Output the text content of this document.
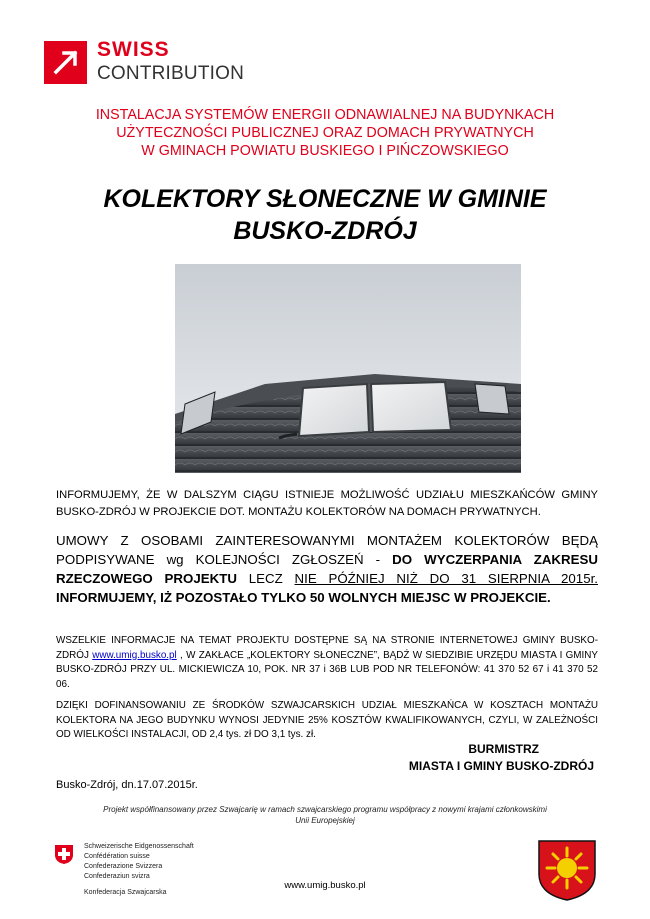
SWISS
CONTRIBUTION
INSTALACJA SYSTEMÓW ENERGII ODNAWIALNEJ NA BUDYNKACH
UŻYTECZNOŚCI PUBLICZNEJ ORAZ DOMACH PRYWATNYCH
W GMINACH POWIATU BUSKIEGO I PIŃCZOWSKIEGO
KOLEKTORY SŁONECZNE W GMINIE
BUSKO-ZDRÓJ
INFORMUJEMY, ŻE W DALSZYM CIĄGU ISTNIEJE MOŻLIWOŚĆ UDZIAŁU MIESZKAŃCÓW GMINY BUSKO-ZDRÓJ W PROJEKCIE DOT. MONTAŻU KOLEKTORÓW NA DOMACH PRYWATNYCH.
UMOWY Z OSOBAMI ZAINTERESOWANYMI MONTAŻEM KOLEKTORÓW BĘDĄ PODPISYWANE wg KOLEJNOŚCI ZGŁOSZEŃ - DO WYCZERPANIA ZAKRESU RZECZOWEGO PROJEKTU LECZ NIE PÓŹNIEJ NIŻ DO 31 SIERPNIA 2015r. INFORMUJEMY, IŻ POZOSTAŁO TYLKO 50 WOLNYCH MIEJSC W PROJEKCIE.
WSZELKIE INFORMACJE NA TEMAT PROJEKTU DOSTĘPNE SĄ NA STRONIE INTERNETOWEJ GMINY BUSKO-ZDRÓJ www.umig.busko.pl , W ZAKŁACE „KOLEKTORY SŁONECZNE”, BĄDŹ W SIEDZIBIE URZĘDU MIASTA I GMINY BUSKO-ZDRÓJ PRZY UL. MICKIEWICZA 10, POK. NR 37 i 36B LUB POD NR TELEFONÓW: 41 370 52 67 i 41 370 52 06.
DZIĘKI DOFINANSOWANIU ZE ŚRODKÓW SZWAJCARSKICH UDZIAŁ MIESZKAŃCA W KOSZTACH MONTAŻU KOLEKTORA NA JEGO BUDYNKU WYNOSI JEDYNIE 25% KOSZTÓW KWALIFIKOWANYCH, CZYLI, W ZALEŻNOŚCI OD WIELKOŚCI INSTALACJI, OD 2,4 tys. zł DO 3,1 tys. zł.
BURMISTRZ
MIASTA I GMINY BUSKO-ZDRÓJ
Busko-Zdrój, dn.17.07.2015r.
Projekt współfinansowany przez Szwajcarię w ramach szwajcarskiego programu współpracy z nowymi krajami członkowskimi
Unii Europejskiej
Schweizerische Eidgenossenschaft
Confédération suisse
Confederazione Svizzera
Confederaziun svizra
Konfederacja Szwajcarska
www.umig.busko.pl
